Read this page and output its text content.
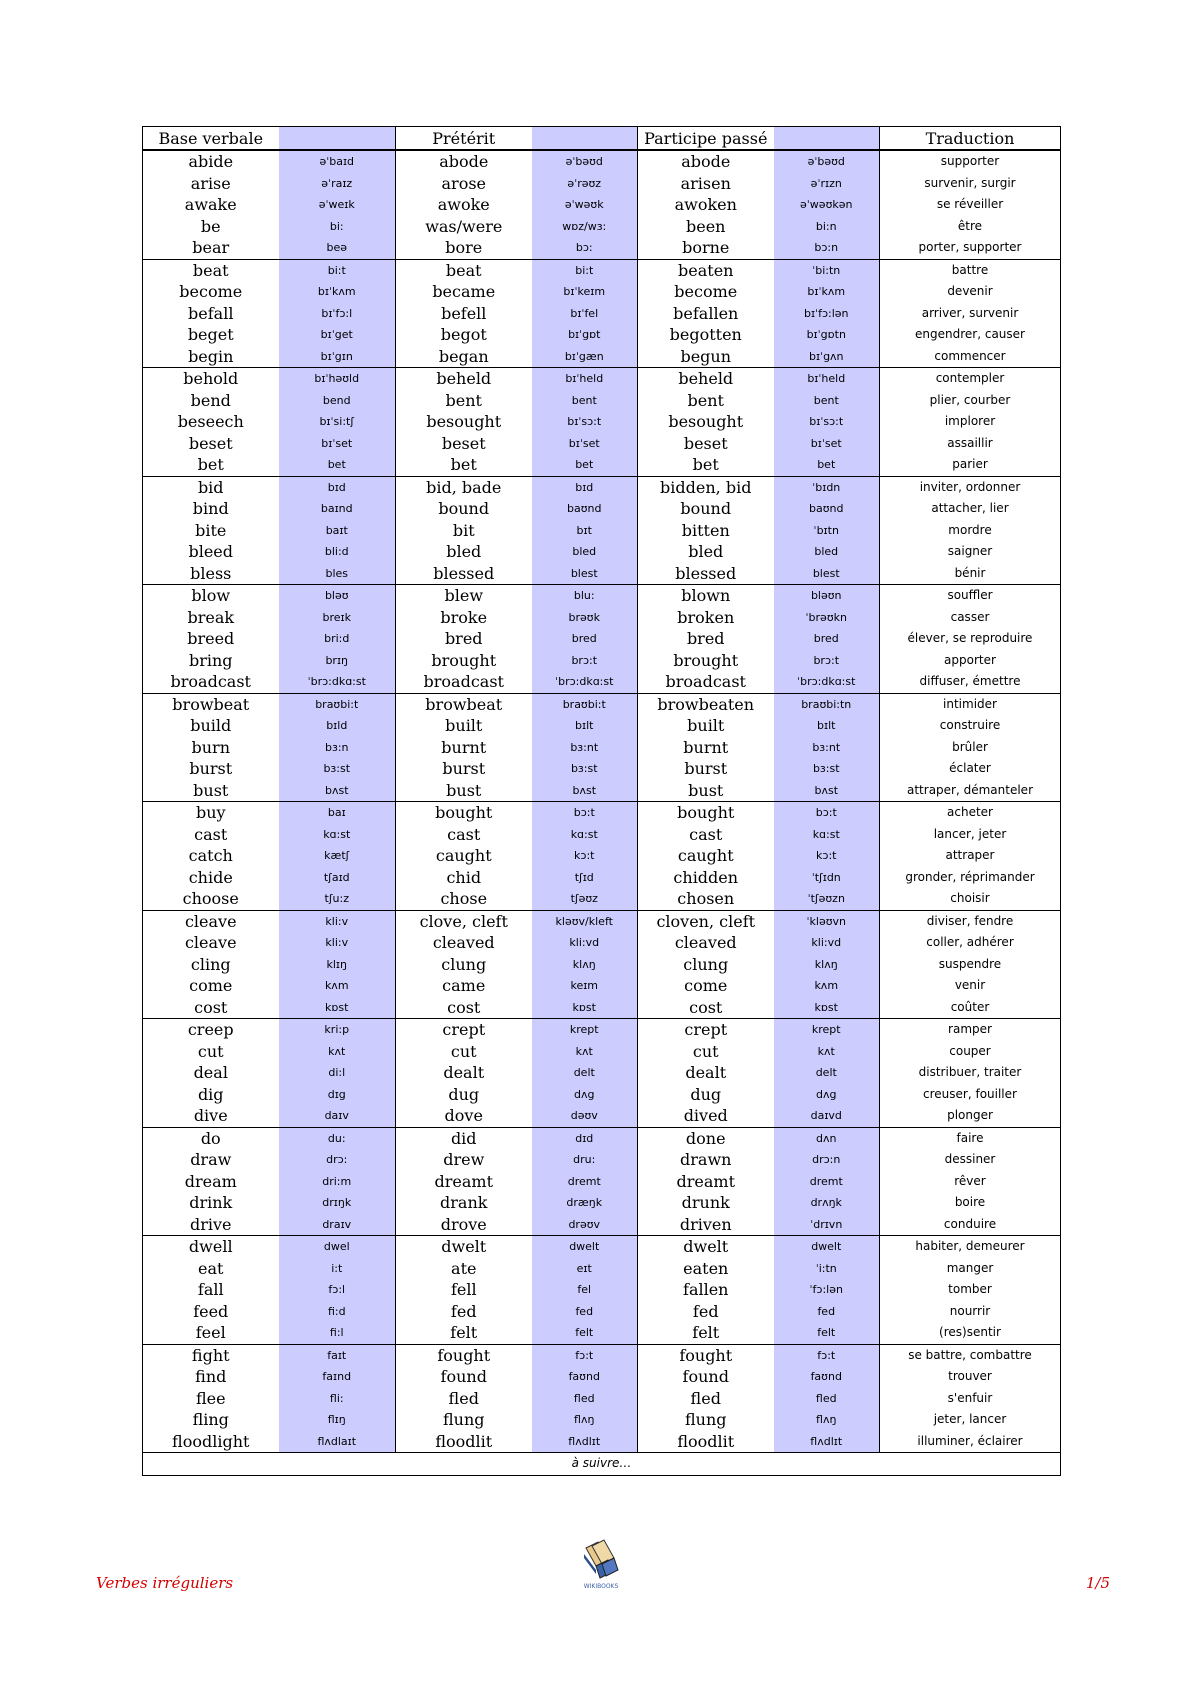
Base verbale		Prétérit		Participe passé		Traduction
abide	əˈbaɪd	abode	əˈbəʊd	abode	əˈbəʊd	supporter
arise	əˈraɪz	arose	əˈrəʊz	arisen	əˈrɪzn	survenir, surgir
awake	əˈweɪk	awoke	əˈwəʊk	awoken	əˈwəʊkən	se réveiller
be	bi:	was/were	wɒz/wɜ:	been	bi:n	être
bear	beə	bore	bɔ:	borne	bɔ:n	porter, supporter
beat	bi:t	beat	bi:t	beaten	ˈbi:tn	battre
become	bɪˈkʌm	became	bɪˈkeɪm	become	bɪˈkʌm	devenir
befall	bɪˈfɔ:l	befell	bɪˈfel	befallen	bɪˈfɔ:lən	arriver, survenir
beget	bɪˈget	begot	bɪˈgɒt	begotten	bɪˈgɒtn	engendrer, causer
begin	bɪˈgɪn	began	bɪˈgæn	begun	bɪˈgʌn	commencer
behold	bɪˈhəʊld	beheld	bɪˈheld	beheld	bɪˈheld	contempler
bend	bend	bent	bent	bent	bent	plier, courber
beseech	bɪˈsi:tʃ	besought	bɪˈsɔ:t	besought	bɪˈsɔ:t	implorer
beset	bɪˈset	beset	bɪˈset	beset	bɪˈset	assaillir
bet	bet	bet	bet	bet	bet	parier
bid	bɪd	bid, bade	bɪd	bidden, bid	ˈbɪdn	inviter, ordonner
bind	baɪnd	bound	baʊnd	bound	baʊnd	attacher, lier
bite	baɪt	bit	bɪt	bitten	ˈbɪtn	mordre
bleed	bli:d	bled	bled	bled	bled	saigner
bless	bles	blessed	blest	blessed	blest	bénir
blow	bləʊ	blew	blu:	blown	bləʊn	souffler
break	breɪk	broke	brəʊk	broken	ˈbrəʊkn	casser
breed	bri:d	bred	bred	bred	bred	élever, se reproduire
bring	brɪŋ	brought	brɔ:t	brought	brɔ:t	apporter
broadcast	ˈbrɔ:dkɑ:st	broadcast	ˈbrɔ:dkɑ:st	broadcast	ˈbrɔ:dkɑ:st	diffuser, émettre
browbeat	braʊbi:t	browbeat	braʊbi:t	browbeaten	braʊbi:tn	intimider
build	bɪld	built	bɪlt	built	bɪlt	construire
burn	bɜ:n	burnt	bɜ:nt	burnt	bɜ:nt	brûler
burst	bɜ:st	burst	bɜ:st	burst	bɜ:st	éclater
bust	bʌst	bust	bʌst	bust	bʌst	attraper, démanteler
buy	baɪ	bought	bɔ:t	bought	bɔ:t	acheter
cast	kɑ:st	cast	kɑ:st	cast	kɑ:st	lancer, jeter
catch	kætʃ	caught	kɔ:t	caught	kɔ:t	attraper
chide	tʃaɪd	chid	tʃɪd	chidden	ˈtʃɪdn	gronder, réprimander
choose	tʃu:z	chose	tʃəʊz	chosen	ˈtʃəʊzn	choisir
cleave	kli:v	clove, cleft	kləʊv/kleft	cloven, cleft	ˈkləʊvn	diviser, fendre
cleave	kli:v	cleaved	kli:vd	cleaved	kli:vd	coller, adhérer
cling	klɪŋ	clung	klʌŋ	clung	klʌŋ	suspendre
come	kʌm	came	keɪm	come	kʌm	venir
cost	kɒst	cost	kɒst	cost	kɒst	coûter
creep	kri:p	crept	krept	crept	krept	ramper
cut	kʌt	cut	kʌt	cut	kʌt	couper
deal	di:l	dealt	delt	dealt	delt	distribuer, traiter
dig	dɪg	dug	dʌg	dug	dʌg	creuser, fouiller
dive	daɪv	dove	dəʊv	dived	daɪvd	plonger
do	du:	did	dɪd	done	dʌn	faire
draw	drɔ:	drew	dru:	drawn	drɔ:n	dessiner
dream	dri:m	dreamt	dremt	dreamt	dremt	rêver
drink	drɪŋk	drank	dræŋk	drunk	drʌŋk	boire
drive	draɪv	drove	drəʊv	driven	ˈdrɪvn	conduire
dwell	dwel	dwelt	dwelt	dwelt	dwelt	habiter, demeurer
eat	i:t	ate	eɪt	eaten	ˈi:tn	manger
fall	fɔ:l	fell	fel	fallen	ˈfɔ:lən	tomber
feed	fi:d	fed	fed	fed	fed	nourrir
feel	fi:l	felt	felt	felt	felt	(res)sentir
fight	faɪt	fought	fɔ:t	fought	fɔ:t	se battre, combattre
find	faɪnd	found	faʊnd	found	faʊnd	trouver
flee	fli:	fled	fled	fled	fled	s'enfuir
fling	flɪŋ	flung	flʌŋ	flung	flʌŋ	jeter, lancer
floodlight	flʌdlaɪt	floodlit	flʌdlɪt	floodlit	flʌdlɪt	illuminer, éclairer
à suivre…						
WIKIBOOKS
Verbes irréguliers	1/5
